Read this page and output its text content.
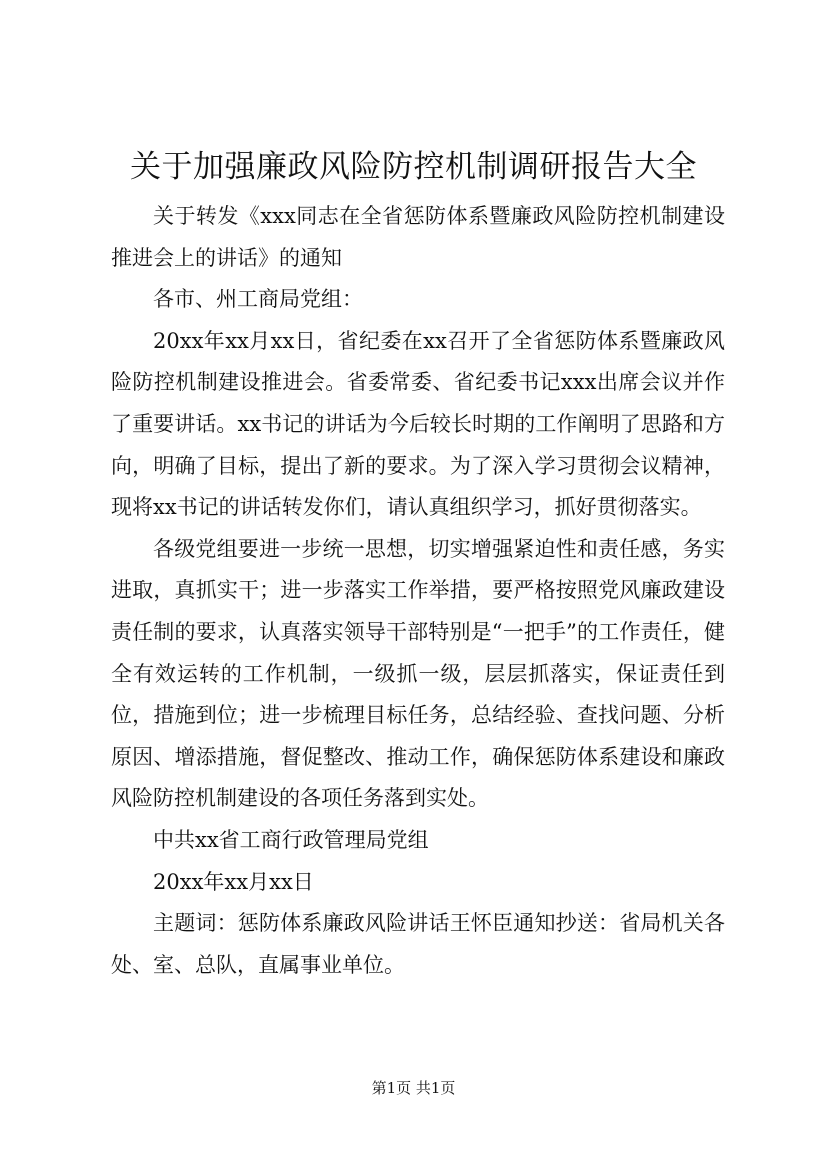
关于加强廉政风险防控机制调研报告大全

关于转发《xxx同志在全省惩防体系暨廉政风险防控机制建设推进会上的讲话》的通知

各市、州工商局党组：

20xx年xx月xx日，省纪委在xx召开了全省惩防体系暨廉政风险防控机制建设推进会。省委常委、省纪委书记xxx出席会议并作了重要讲话。xx书记的讲话为今后较长时期的工作阐明了思路和方向，明确了目标，提出了新的要求。为了深入学习贯彻会议精神，现将xx书记的讲话转发你们，请认真组织学习，抓好贯彻落实。

各级党组要进一步统一思想，切实增强紧迫性和责任感，务实进取，真抓实干；进一步落实工作举措，要严格按照党风廉政建设责任制的要求，认真落实领导干部特别是“一把手”的工作责任，健全有效运转的工作机制，一级抓一级，层层抓落实，保证责任到位，措施到位；进一步梳理目标任务，总结经验、查找问题、分析原因、增添措施，督促整改、推动工作，确保惩防体系建设和廉政风险防控机制建设的各项任务落到实处。

中共xx省工商行政管理局党组

20xx年xx月xx日

主题词：惩防体系廉政风险讲话王怀臣通知抄送：省局机关各处、室、总队，直属事业单位。

第1页 共1页
